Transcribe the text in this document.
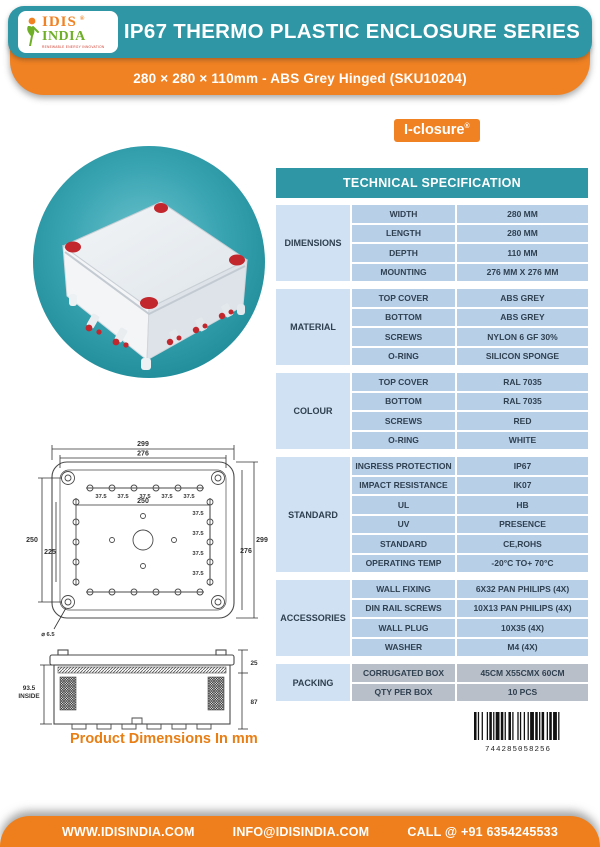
280 × 280 × 110mm - ABS Grey Hinged (SKU10204)
IDIS ®
INDIA
RENEWABLE ENERGY INNOVATION
IP67 THERMO PLASTIC ENCLOSURE SERIES
I-closure®
TECHNICAL SPECIFICATION
DIMENSIONS
WIDTH	280 MM
LENGTH	280 MM
DEPTH	110 MM
MOUNTING	276 MM X 276 MM
MATERIAL
TOP COVER	ABS GREY
BOTTOM	ABS GREY
SCREWS	NYLON 6 GF 30%
O-RING	SILICON SPONGE
COLOUR
TOP COVER	RAL 7035
BOTTOM	RAL 7035
SCREWS	RED
O-RING	WHITE
STANDARD
INGRESS PROTECTION	IP67
IMPACT RESISTANCE	IK07
UL	HB
UV	PRESENCE
STANDARD	CE,ROHS
OPERATING TEMP	-20°C TO+ 70°C
ACCESSORIES
WALL FIXING	6X32 PAN PHILIPS (4X)
DIN RAIL SCREWS	10X13 PAN PHILIPS (4X)
WALL PLUG	10X35 (4X)
WASHER	M4 (4X)
PACKING
CORRUGATED BOX	45CM X55CMX 60CM
QTY PER BOX	10 PCS
299
276
250
225
299
276
250
37.5 37.5 37.5 37.5 37.5
37.5
37.5
37.5
37.5
⌀ 6.5
93.5
INSIDE
25
87
Product Dimensions In mm
744285058256
WWW.IDISINDIA.COM	INFO@IDISINDIA.COM	CALL @ +91 6354245533
